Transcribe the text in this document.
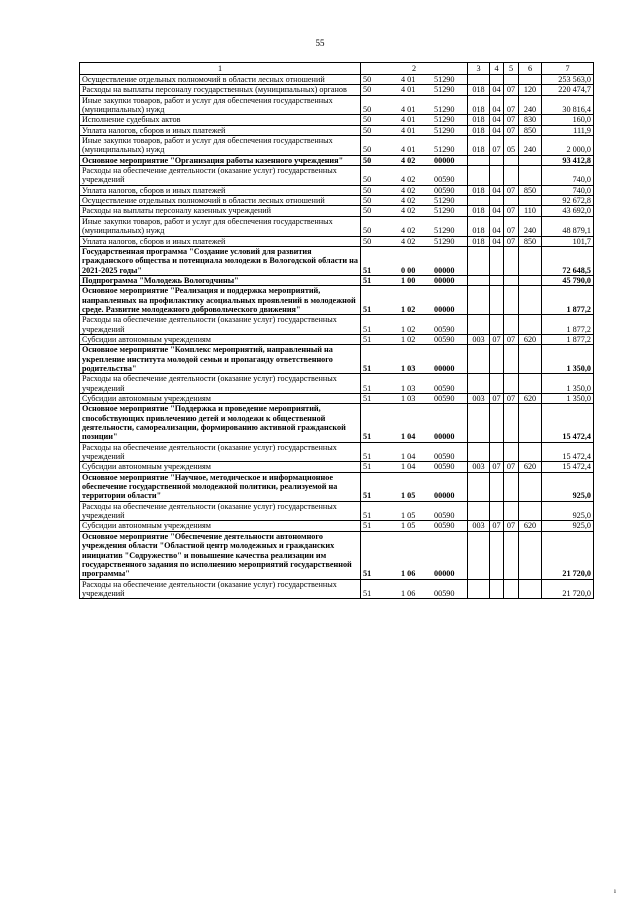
55
1	2	3	4	5	6	7
Осуществление отдельных полномочий в области лесных отношений	50 4 01 51290					253 563,0
Расходы на выплаты персоналу государственных (муниципальных) органов	50 4 01 51290	018	04	07	120	220 474,7
Иные закупки товаров, работ и услуг для обеспечения государственных (муниципальных) нужд	50 4 01 51290	018	04	07	240	30 816,4
Исполнение судебных актов	50 4 01 51290	018	04	07	830	160,0
Уплата налогов, сборов и иных платежей	50 4 01 51290	018	04	07	850	111,9
Иные закупки товаров, работ и услуг для обеспечения государственных (муниципальных) нужд	50 4 01 51290	018	07	05	240	2 000,0
Основное мероприятие "Организация работы казенного учреждения"	50 4 02 00000					93 412,8
Расходы на обеспечение деятельности (оказание услуг) государственных учреждений	50 4 02 00590					740,0
Уплата налогов, сборов и иных платежей	50 4 02 00590	018	04	07	850	740,0
Осуществление отдельных полномочий в области лесных отношений	50 4 02 51290					92 672,8
Расходы на выплаты персоналу казенных учреждений	50 4 02 51290	018	04	07	110	43 692,0
Иные закупки товаров, работ и услуг для обеспечения государственных (муниципальных) нужд	50 4 02 51290	018	04	07	240	48 879,1
Уплата налогов, сборов и иных платежей	50 4 02 51290	018	04	07	850	101,7
Государственная программа "Создание условий для развития гражданского общества и потенциала молодежи в Вологодской области на 2021-2025 годы"	51 0 00 00000					72 648,5
Подпрограмма "Молодежь Вологодчины"	51 1 00 00000					45 790,0
Основное мероприятие "Реализация и поддержка мероприятий, направленных на профилактику асоциальных проявлений в молодежной среде. Развитие молодежного добровольческого движения"	51 1 02 00000					1 877,2
Расходы на обеспечение деятельности (оказание услуг) государственных учреждений	51 1 02 00590					1 877,2
Субсидии автономным учреждениям	51 1 02 00590	003	07	07	620	1 877,2
Основное мероприятие "Комплекс мероприятий, направленный на укрепление института молодой семьи и пропаганду ответственного родительства"	51 1 03 00000					1 350,0
Расходы на обеспечение деятельности (оказание услуг) государственных учреждений	51 1 03 00590					1 350,0
Субсидии автономным учреждениям	51 1 03 00590	003	07	07	620	1 350,0
Основное мероприятие "Поддержка и проведение мероприятий, способствующих привлечению детей и молодежи к общественной деятельности, самореализации, формированию активной гражданской позиции"	51 1 04 00000					15 472,4
Расходы на обеспечение деятельности (оказание услуг) государственных учреждений	51 1 04 00590					15 472,4
Субсидии автономным учреждениям	51 1 04 00590	003	07	07	620	15 472,4
Основное мероприятие "Научное, методическое и информационное обеспечение государственной молодежной политики, реализуемой на территории области"	51 1 05 00000					925,0
Расходы на обеспечение деятельности (оказание услуг) государственных учреждений	51 1 05 00590					925,0
Субсидии автономным учреждениям	51 1 05 00590	003	07	07	620	925,0
Основное мероприятие "Обеспечение деятельности автономного учреждения области "Областной центр молодежных и гражданских инициатив "Содружество" и повышение качества реализации им государственного задания по исполнению мероприятий государственной программы"	51 1 06 00000					21 720,0
Расходы на обеспечение деятельности (оказание услуг) государственных учреждений	51 1 06 00590					21 720,0
ı
